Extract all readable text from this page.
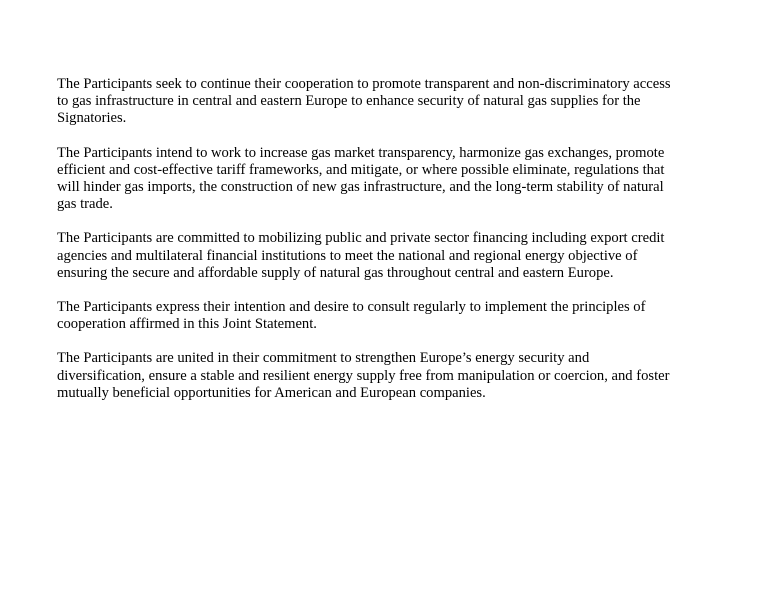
The Participants seek to continue their cooperation to promote transparent and non-discriminatory access
to gas infrastructure in central and eastern Europe to enhance security of natural gas supplies for the
Signatories.

The Participants intend to work to increase gas market transparency, harmonize gas exchanges, promote
efficient and cost-effective tariff frameworks, and mitigate, or where possible eliminate, regulations that
will hinder gas imports, the construction of new gas infrastructure, and the long-term stability of natural
gas trade.

The Participants are committed to mobilizing public and private sector financing including export credit
agencies and multilateral financial institutions to meet the national and regional energy objective of
ensuring the secure and affordable supply of natural gas throughout central and eastern Europe.

The Participants express their intention and desire to consult regularly to implement the principles of
cooperation affirmed in this Joint Statement.

The Participants are united in their commitment to strengthen Europe’s energy security and
diversification, ensure a stable and resilient energy supply free from manipulation or coercion, and foster
mutually beneficial opportunities for American and European companies.
